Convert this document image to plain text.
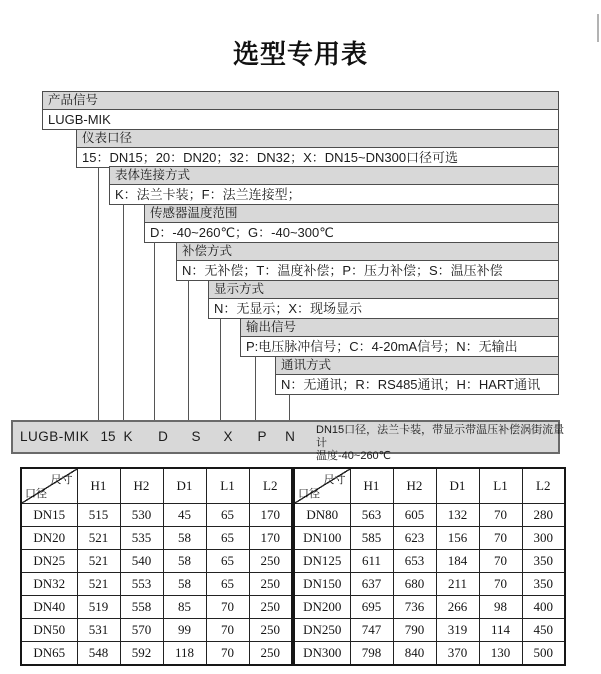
选型专用表
产品信号
LUGB-MIK
仪表口径
15：DN15；20：DN20；32：DN32；X：DN15~DN300口径可选
表体连接方式
K：法兰卡装；F：法兰连接型；
传感器温度范围
D：-40~260℃；G：-40~300℃
补偿方式
N：无补偿；T：温度补偿；P：压力补偿；S：温压补偿
显示方式
N：无显示；X：现场显示
输出信号
P:电压脉冲信号；C：4-20mA信号；N：无输出
通讯方式
N：无通讯；R：RS485通讯；H：HART通讯
LUGB-MIK 15 K	D	S	X	P	N	DN15口径，法兰卡装，带显示带温压补偿涡街流量计
温度-40~260℃
尺寸
口径	H1	H2	D1	L1	L2
DN15	515	530	45	65	170
DN20	521	535	58	65	170
DN25	521	540	58	65	250
DN32	521	553	58	65	250
DN40	519	558	85	70	250
DN50	531	570	99	70	250
DN65	548	592	118	70	250
尺寸
口径	H1	H2	D1	L1	L2
DN80	563	605	132	70	280
DN100	585	623	156	70	300
DN125	611	653	184	70	350
DN150	637	680	211	70	350
DN200	695	736	266	98	400
DN250	747	790	319	114	450
DN300	798	840	370	130	500
